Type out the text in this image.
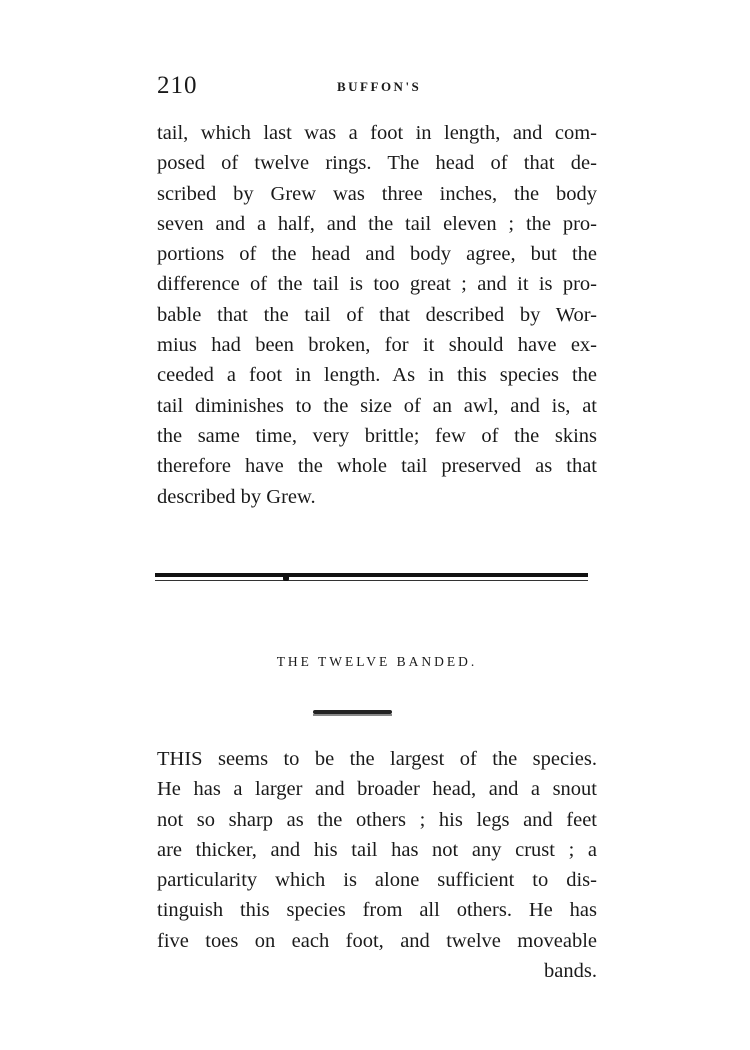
210	BUFFON'S

tail, which last was a foot in length, and com-
posed of twelve rings. The head of that de-
scribed by Grew was three inches, the body
seven and a half, and the tail eleven ; the pro-
portions of the head and body agree, but the
difference of the tail is too great ; and it is pro-
bable that the tail of that described by Wor-
mius had been broken, for it should have ex-
ceeded a foot in length. As in this species the
tail diminishes to the size of an awl, and is, at
the same time, very brittle; few of the skins
therefore have the whole tail preserved as that
described by Grew.

THE TWELVE BANDED.

THIS seems to be the largest of the species.
He has a larger and broader head, and a snout
not so sharp as the others ; his legs and feet
are thicker, and his tail has not any crust ; a
particularity which is alone sufficient to dis-
tinguish this species from all others. He has
five toes on each foot, and twelve moveable
bands.
